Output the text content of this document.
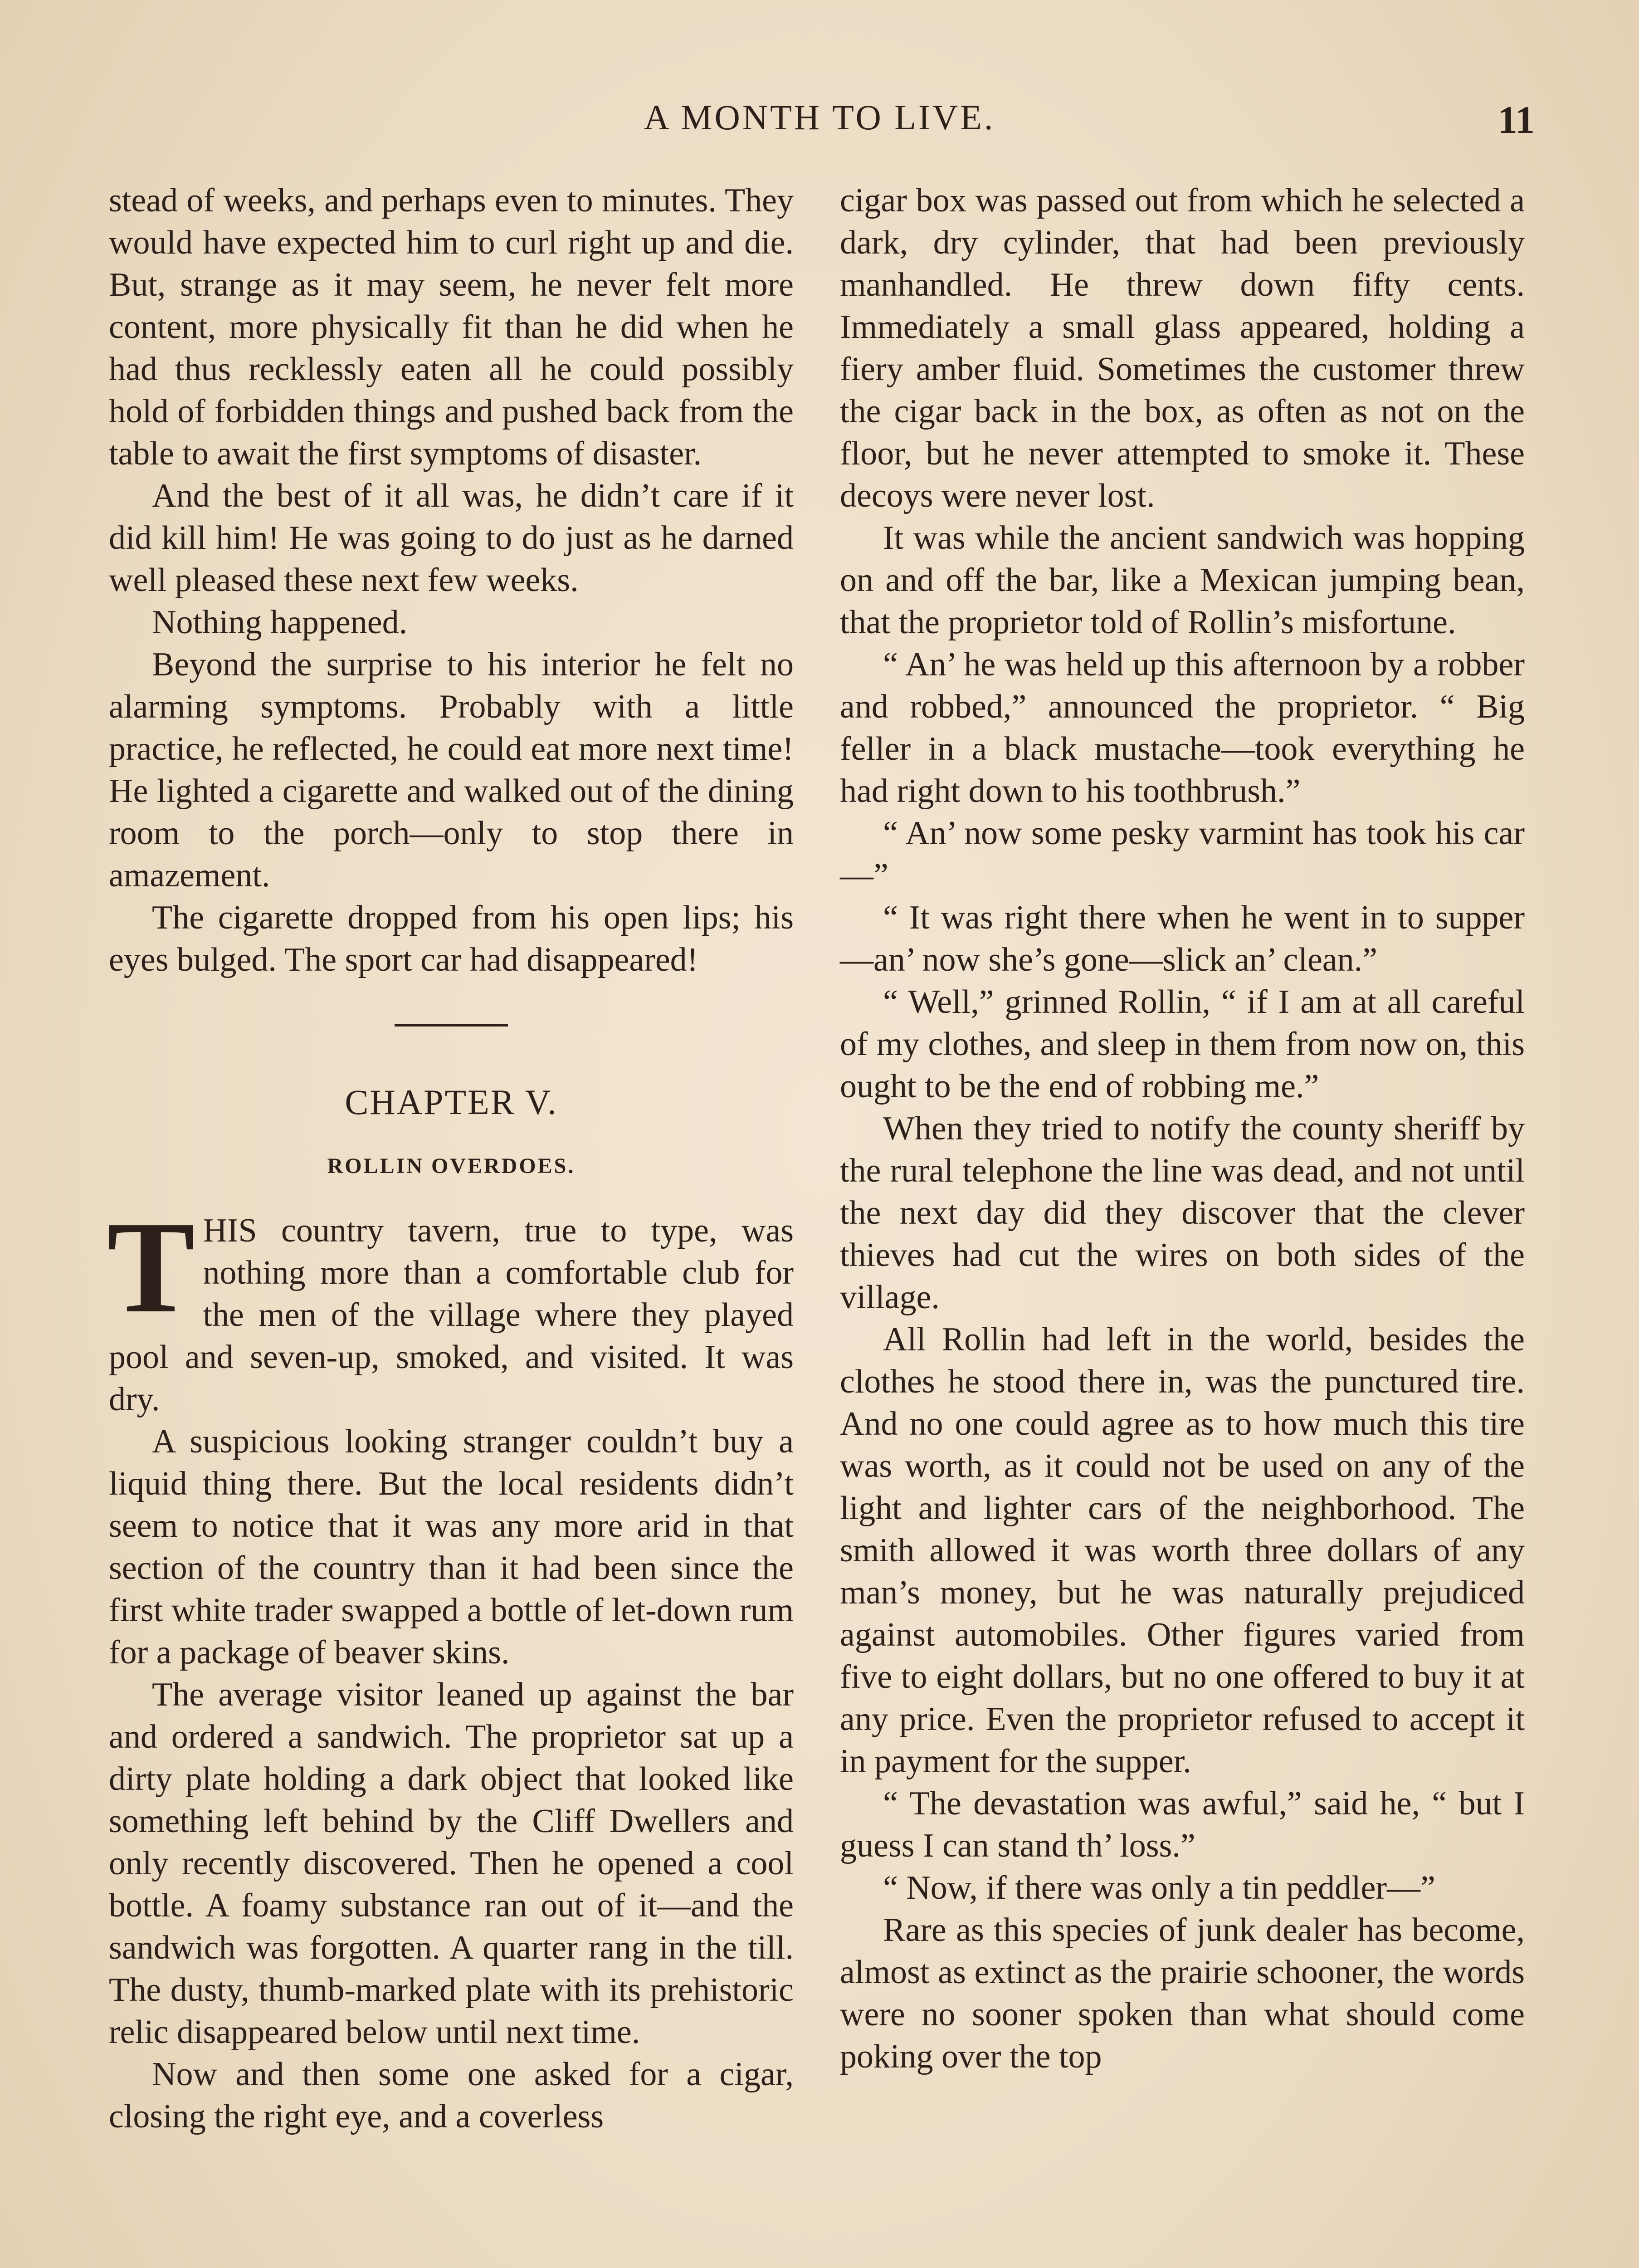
A MONTH TO LIVE.	11

stead of weeks, and perhaps even to minutes. They would have expected him to curl right up and die. But, strange as it may seem, he never felt more content, more physically fit than he did when he had thus recklessly eaten all he could possibly hold of forbidden things and pushed back from the table to await the first symptoms of disaster.

And the best of it all was, he didn’t care if it did kill him! He was going to do just as he darned well pleased these next few weeks.

Nothing happened.

Beyond the surprise to his interior he felt no alarming symptoms. Probably with a little practice, he reflected, he could eat more next time! He lighted a cigarette and walked out of the dining room to the porch—only to stop there in amazement.

The cigarette dropped from his open lips; his eyes bulged. The sport car had disappeared!

CHAPTER V.
ROLLIN OVERDOES.

THIS country tavern, true to type, was nothing more than a comfortable club for the men of the village where they played pool and seven-up, smoked, and visited. It was dry.

A suspicious looking stranger couldn’t buy a liquid thing there. But the local residents didn’t seem to notice that it was any more arid in that section of the country than it had been since the first white trader swapped a bottle of let-down rum for a package of beaver skins.

The average visitor leaned up against the bar and ordered a sandwich. The proprietor sat up a dirty plate holding a dark object that looked like something left behind by the Cliff Dwellers and only recently discovered. Then he opened a cool bottle. A foamy substance ran out of it—and the sandwich was forgotten. A quarter rang in the till. The dusty, thumb-marked plate with its prehistoric relic disappeared below until next time.

Now and then some one asked for a cigar, closing the right eye, and a coverless

cigar box was passed out from which he selected a dark, dry cylinder, that had been previously manhandled. He threw down fifty cents. Immediately a small glass appeared, holding a fiery amber fluid. Sometimes the customer threw the cigar back in the box, as often as not on the floor, but he never attempted to smoke it. These decoys were never lost.

It was while the ancient sandwich was hopping on and off the bar, like a Mexican jumping bean, that the proprietor told of Rollin’s misfortune.

“ An’ he was held up this afternoon by a robber and robbed,” announced the proprietor. “ Big feller in a black mustache—took everything he had right down to his toothbrush.”

“ An’ now some pesky varmint has took his car—”

“ It was right there when he went in to supper—an’ now she’s gone—slick an’ clean.”

“ Well,” grinned Rollin, “ if I am at all careful of my clothes, and sleep in them from now on, this ought to be the end of robbing me.”

When they tried to notify the county sheriff by the rural telephone the line was dead, and not until the next day did they discover that the clever thieves had cut the wires on both sides of the village.

All Rollin had left in the world, besides the clothes he stood there in, was the punctured tire. And no one could agree as to how much this tire was worth, as it could not be used on any of the light and lighter cars of the neighborhood. The smith allowed it was worth three dollars of any man’s money, but he was naturally prejudiced against automobiles. Other figures varied from five to eight dollars, but no one offered to buy it at any price. Even the proprietor refused to accept it in payment for the supper.

“ The devastation was awful,” said he, “ but I guess I can stand th’ loss.”

“ Now, if there was only a tin peddler—”

Rare as this species of junk dealer has become, almost as extinct as the prairie schooner, the words were no sooner spoken than what should come poking over the top
